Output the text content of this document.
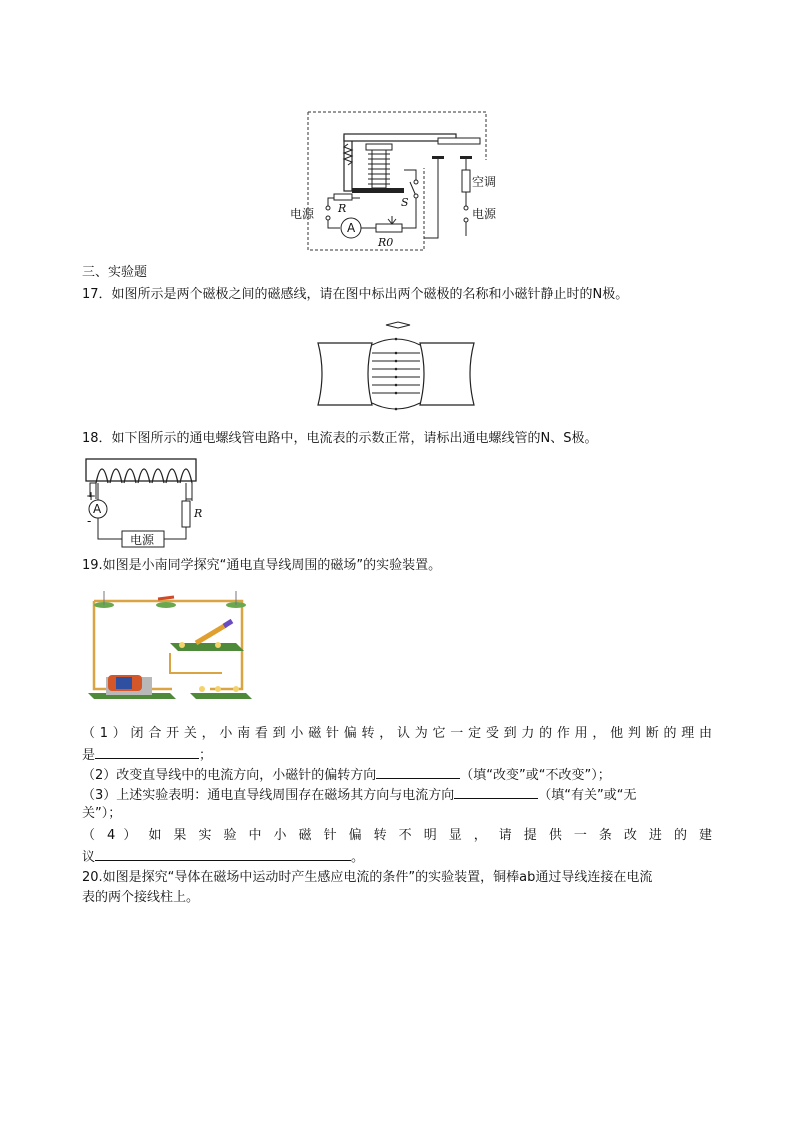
电源	电源
空调
R	S
R0
A
三、实验题
17．如图所示是两个磁极之间的磁感线，请在图中标出两个磁极的名称和小磁针静止时的N极。
18．如下图所示的通电螺线管电路中，电流表的示数正常，请标出通电螺线管的N、S极。
+
-
A	R
电源
19.如图是小南同学探究“通电直导线周围的磁场”的实验装置。
（1）闭合开关，小南看到小磁针偏转，认为它一定受到力的作用，他判断的理由
是	；
（2）改变直导线中的电流方向，小磁针的偏转方向	（填“改变”或“不改变”）；
（3）上述实验表明：通电直导线周围存在磁场其方向与电流方向	（填“有关”或“无
关”）；
（ 4 ） 如 果 实 验 中 小 磁 针 偏 转 不 明 显 ， 请 提 供 一 条 改 进 的 建
议	。
20.如图是探究“导体在磁场中运动时产生感应电流的条件”的实验装置，铜棒ab通过导线连接在电流
表的两个接线柱上。
